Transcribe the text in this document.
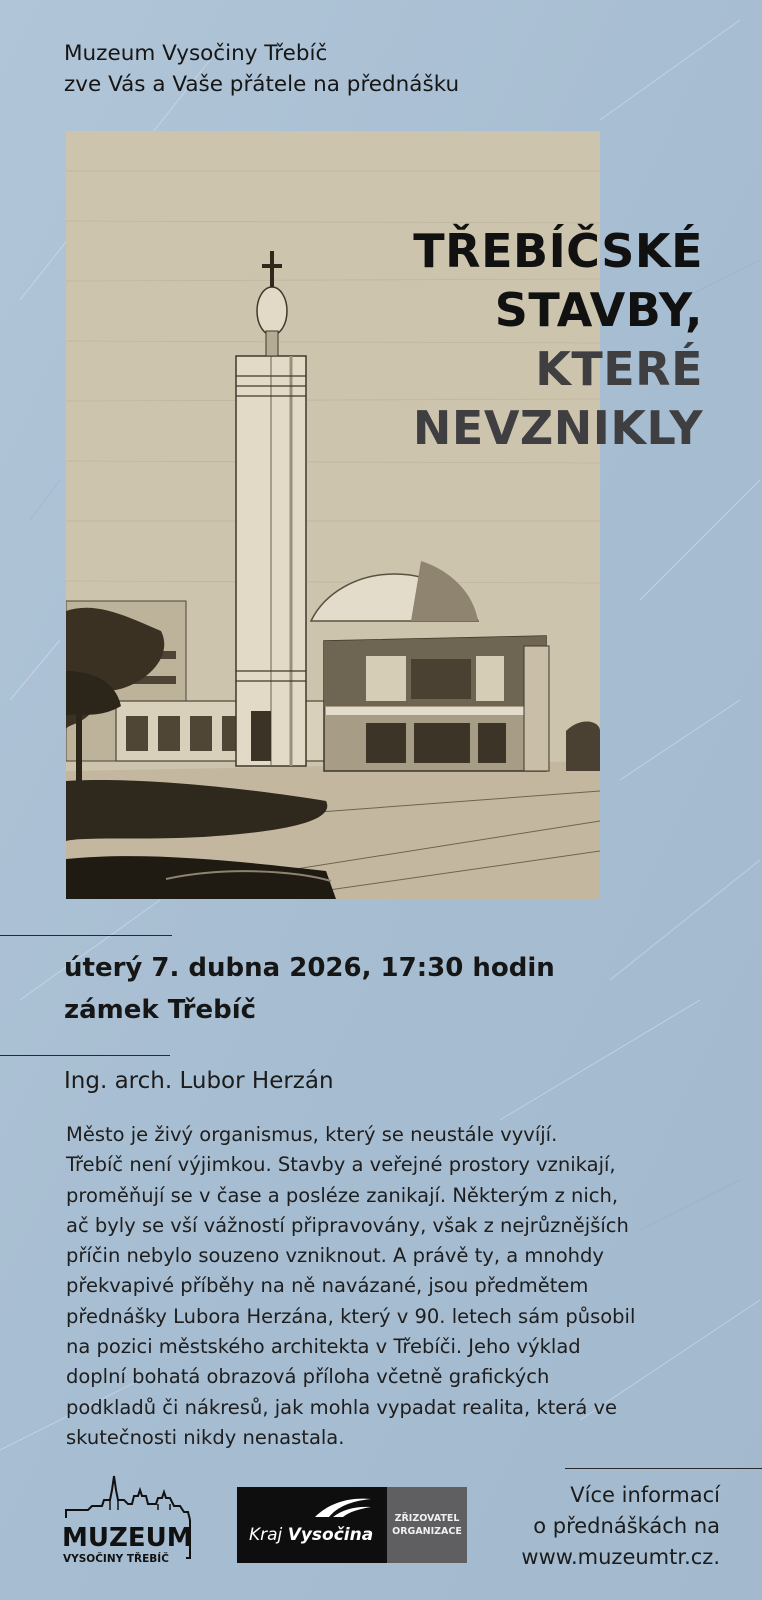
Muzeum Vysočiny Třebíč
zve Vás a Vaše přátele na přednášku
TŘEBÍČSKÉ
STAVBY,
KTERÉ
NEVZNIKLY
úterý 7. dubna 2026, 17:30 hodin
zámek Třebíč
Ing. arch. Lubor Herzán
Město je živý organismus, který se neustále vyvíjí.
Třebíč není výjimkou. Stavby a veřejné prostory vznikají,
proměňují se v čase a posléze zanikají. Některým z nich,
ač byly se vší vážností připravovány, však z nejrůznějších
příčin nebylo souzeno vzniknout. A právě ty, a mnohdy
překvapivé příběhy na ně navázané, jsou předmětem
přednášky Lubora Herzána, který v 90. letech sám působil
na pozici městského architekta v Třebíči. Jeho výklad
doplní bohatá obrazová příloha včetně grafických
podkladů či nákresů, jak mohla vypadat realita, která ve
skutečnosti nikdy nenastala.
MUZEUM
VYSOČINY TŘEBÍČ
Kraj Vysočina
ZŘIZOVATEL
ORGANIZACE
Více informací
o přednáškách na
www.muzeumtr.cz.
